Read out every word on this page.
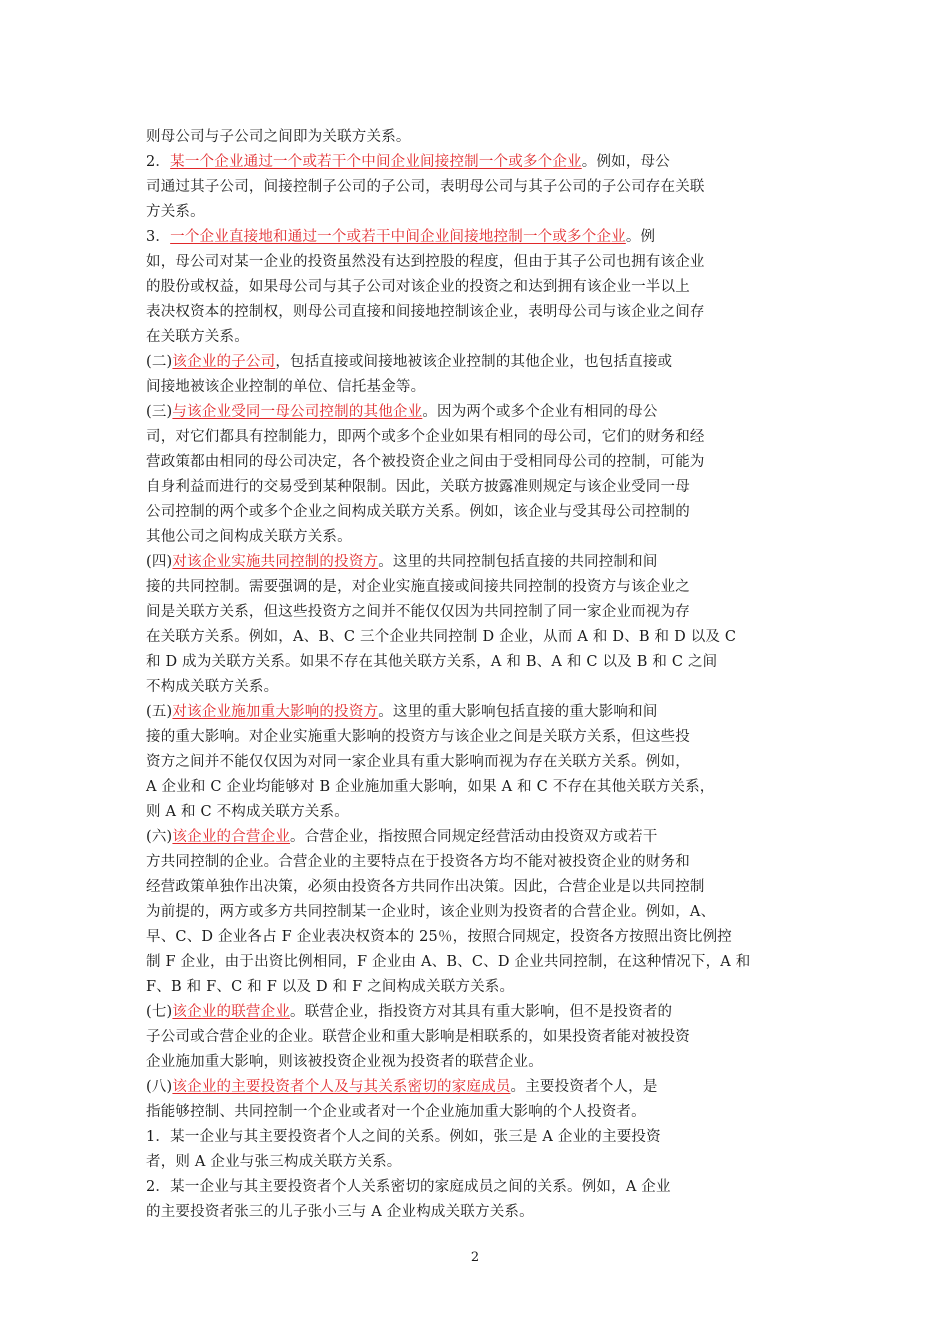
则母公司与子公司之间即为关联方关系。
2．某一个企业通过一个或若干个中间企业间接控制一个或多个企业。例如，母公
司通过其子公司，间接控制子公司的子公司，表明母公司与其子公司的子公司存在关联
方关系。
3．一个企业直接地和通过一个或若干中间企业间接地控制一个或多个企业。例
如，母公司对某一企业的投资虽然没有达到控股的程度，但由于其子公司也拥有该企业
的股份或权益，如果母公司与其子公司对该企业的投资之和达到拥有该企业一半以上
表决权资本的控制权，则母公司直接和间接地控制该企业，表明母公司与该企业之间存
在关联方关系。
(二)该企业的子公司，包括直接或间接地被该企业控制的其他企业，也包括直接或
间接地被该企业控制的单位、信托基金等。
(三)与该企业受同一母公司控制的其他企业。因为两个或多个企业有相同的母公
司，对它们都具有控制能力，即两个或多个企业如果有相同的母公司，它们的财务和经
营政策都由相同的母公司决定，各个被投资企业之间由于受相同母公司的控制，可能为
自身利益而进行的交易受到某种限制。因此，关联方披露准则规定与该企业受同一母
公司控制的两个或多个企业之间构成关联方关系。例如，该企业与受其母公司控制的
其他公司之间构成关联方关系。
(四)对该企业实施共同控制的投资方。这里的共同控制包括直接的共同控制和间
接的共同控制。需要强调的是，对企业实施直接或间接共同控制的投资方与该企业之
间是关联方关系，但这些投资方之间并不能仅仅因为共同控制了同一家企业而视为存
在关联方关系。例如，A、B、C 三个企业共同控制 D 企业，从而 A 和 D、B 和 D 以及 C
和 D 成为关联方关系。如果不存在其他关联方关系，A 和 B、A 和 C 以及 B 和 C 之间
不构成关联方关系。
(五)对该企业施加重大影响的投资方。这里的重大影响包括直接的重大影响和间
接的重大影响。对企业实施重大影响的投资方与该企业之间是关联方关系，但这些投
资方之间并不能仅仅因为对同一家企业具有重大影响而视为存在关联方关系。例如，
A 企业和 C 企业均能够对 B 企业施加重大影响，如果 A 和 C 不存在其他关联方关系，
则 A 和 C 不构成关联方关系。
(六)该企业的合营企业。合营企业，指按照合同规定经营活动由投资双方或若干
方共同控制的企业。合营企业的主要特点在于投资各方均不能对被投资企业的财务和
经营政策单独作出决策，必须由投资各方共同作出决策。因此，合营企业是以共同控制
为前提的，两方或多方共同控制某一企业时，该企业则为投资者的合营企业。例如，A、
早、C、D 企业各占 F 企业表决权资本的 25％，按照合同规定，投资各方按照出资比例控
制 F 企业，由于出资比例相同，F 企业由 A、B、C、D 企业共同控制，在这种情况下，A 和
F、B 和 F、C 和 F 以及 D 和 F 之间构成关联方关系。
(七)该企业的联营企业。联营企业，指投资方对其具有重大影响，但不是投资者的
子公司或合营企业的企业。联营企业和重大影响是相联系的，如果投资者能对被投资
企业施加重大影响，则该被投资企业视为投资者的联营企业。
(八)该企业的主要投资者个人及与其关系密切的家庭成员。主要投资者个人，是
指能够控制、共同控制一个企业或者对一个企业施加重大影响的个人投资者。
1．某一企业与其主要投资者个人之间的关系。例如，张三是 A 企业的主要投资
者，则 A 企业与张三构成关联方关系。
2．某一企业与其主要投资者个人关系密切的家庭成员之间的关系。例如，A 企业
的主要投资者张三的儿子张小三与 A 企业构成关联方关系。
2
